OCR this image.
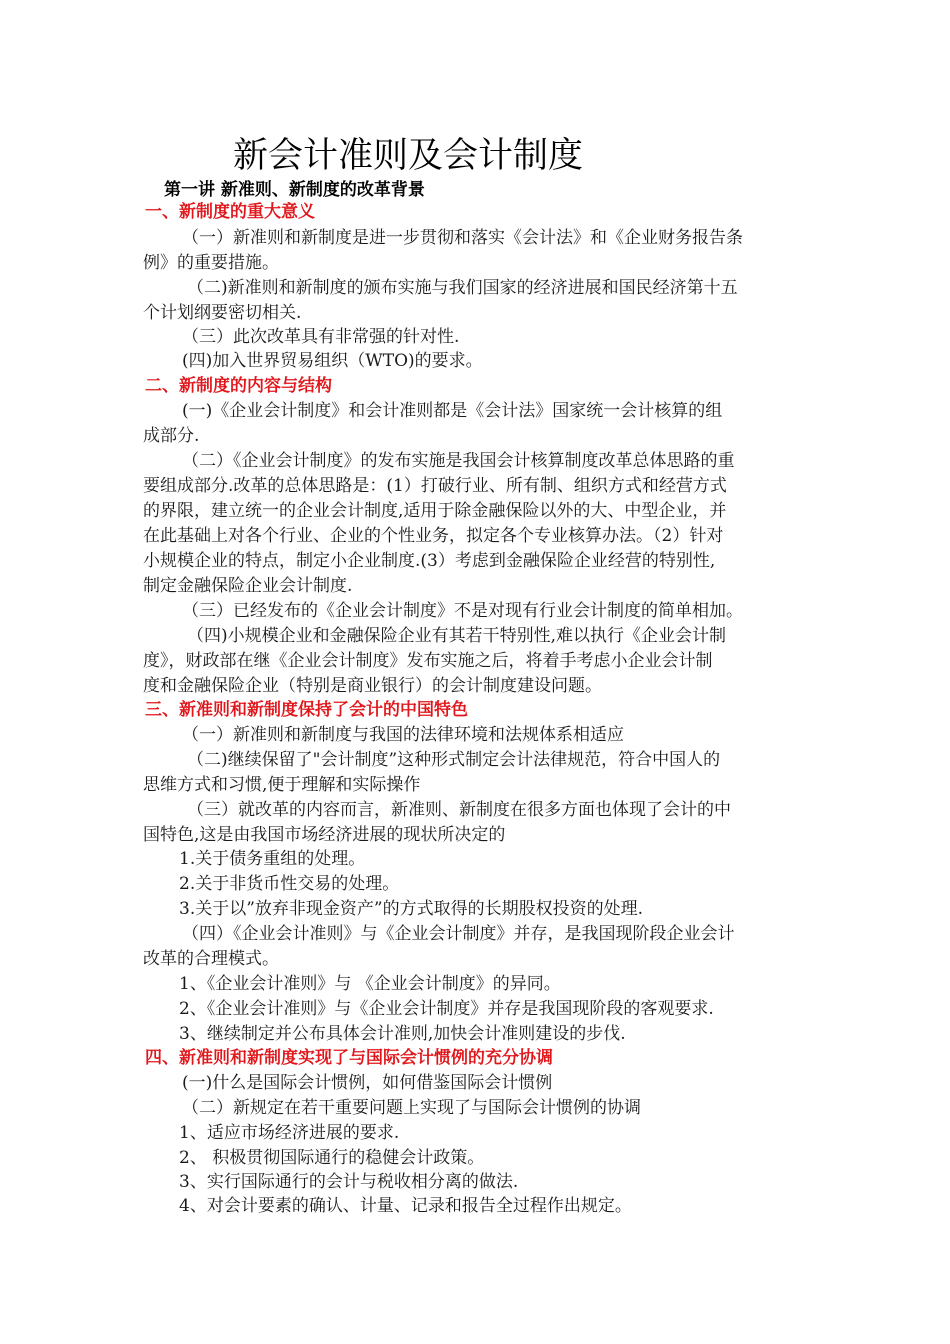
新会计准则及会计制度
第一讲 新准则、新制度的改革背景
一、新制度的重大意义
（一）新准则和新制度是进一步贯彻和落实《会计法》和《企业财务报告条
例》的重要措施。
（二)新准则和新制度的颁布实施与我们国家的经济进展和国民经济第十五
个计划纲要密切相关.
（三）此次改革具有非常强的针对性.
(四)加入世界贸易组织（WTO)的要求。
二、新制度的内容与结构
(一)《企业会计制度》和会计准则都是《会计法》国家统一会计核算的组
成部分.
（二）《企业会计制度》的发布实施是我国会计核算制度改革总体思路的重
要组成部分.改革的总体思路是：(1）打破行业、所有制、组织方式和经营方式
的界限，建立统一的企业会计制度,适用于除金融保险以外的大、中型企业，并
在此基础上对各个行业、企业的个性业务，拟定各个专业核算办法。（2）针对
小规模企业的特点，制定小企业制度.(3）考虑到金融保险企业经营的特别性,
制定金融保险企业会计制度.
（三）已经发布的《企业会计制度》不是对现有行业会计制度的简单相加。
（四)小规模企业和金融保险企业有其若干特别性,难以执行《企业会计制
度》，财政部在继《企业会计制度》发布实施之后，将着手考虑小企业会计制
度和金融保险企业（特别是商业银行）的会计制度建设问题。
三、新准则和新制度保持了会计的中国特色
（一）新准则和新制度与我国的法律环境和法规体系相适应
（二)继续保留了"会计制度”这种形式制定会计法律规范，符合中国人的
思维方式和习惯,便于理解和实际操作
（三）就改革的内容而言，新准则、新制度在很多方面也体现了会计的中
国特色,这是由我国市场经济进展的现状所决定的
1.关于债务重组的处理。
2.关于非货币性交易的处理。
3.关于以”放弃非现金资产”的方式取得的长期股权投资的处理.
（四）《企业会计准则》与《企业会计制度》并存，是我国现阶段企业会计
改革的合理模式。
1、《企业会计准则》与 《企业会计制度》的异同。
2、《企业会计准则》与《企业会计制度》并存是我国现阶段的客观要求.
3、继续制定并公布具体会计准则,加快会计准则建设的步伐.
四、新准则和新制度实现了与国际会计惯例的充分协调
(一)什么是国际会计惯例，如何借鉴国际会计惯例
（二）新规定在若干重要问题上实现了与国际会计惯例的协调
1、适应市场经济进展的要求.
2、 积极贯彻国际通行的稳健会计政策。
3、实行国际通行的会计与税收相分离的做法.
4、对会计要素的确认、计量、记录和报告全过程作出规定。
